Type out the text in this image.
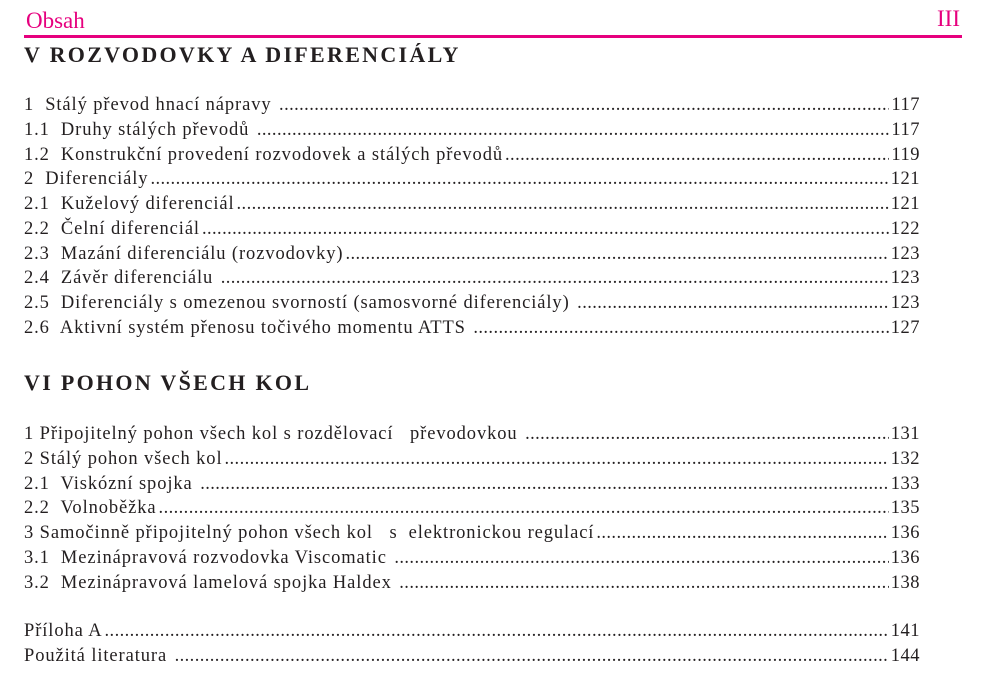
Obsah	III
V ROZVODOVKY A DIFERENCIÁLY
1  Stálý převod hnací nápravy .....	117
1.1  Druhy stálých převodů .....	117
1.2  Konstrukční provedení rozvodovek a stálých převodů .....	119
2  Diferenciály .....	121
2.1  Kuželový diferenciál .....	121
2.2  Čelní diferenciál .....	122
2.3  Mazání diferenciálu (rozvodovky) .....	123
2.4  Závěr diferenciálu .....	123
2.5  Diferenciály s omezenou svorností (samosvorné diferenciály) .....	123
2.6  Aktivní systém přenosu točivého momentu ATTS .....	127
VI POHON VŠECH KOL
1 Připojitelný pohon všech kol s rozdělovací   převodovkou .....	131
2 Stálý pohon všech kol .....	132
2.1  Viskózní spojka .....	133
2.2  Volnoběžka .....	135
3 Samočinně připojitelný pohon všech kol   s  elektronickou regulací .....	136
3.1  Mezinápravová rozvodovka Viscomatic .....	136
3.2  Mezinápravová lamelová spojka Haldex .....	138
Příloha A .....	141
Použitá literatura .....	144
